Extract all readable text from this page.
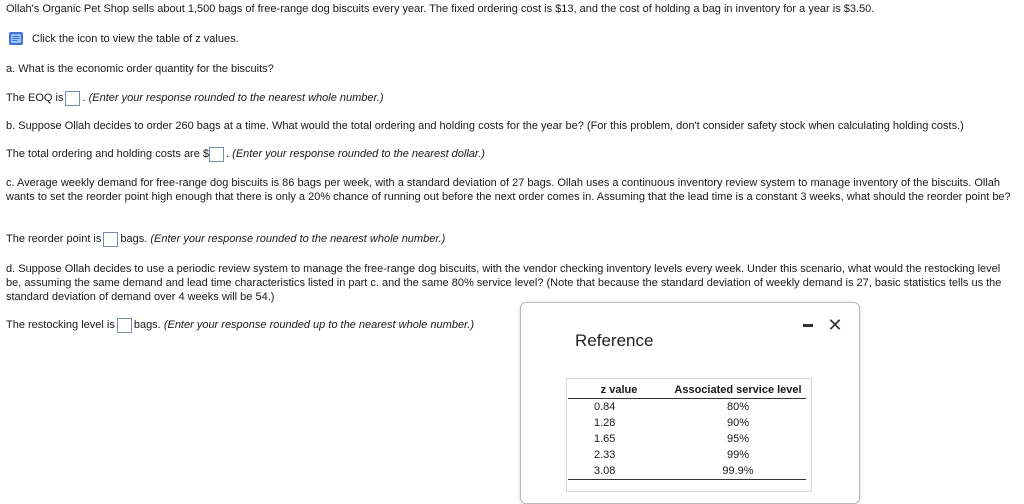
Ollah's Organic Pet Shop sells about 1,500 bags of free-range dog biscuits every year. The fixed ordering cost is $13, and the cost of holding a bag in inventory for a year is $3.50.
Click the icon to view the table of z values.
a. What is the economic order quantity for the biscuits?
The EOQ is . (Enter your response rounded to the nearest whole number.)
b. Suppose Ollah decides to order 260 bags at a time. What would the total ordering and holding costs for the year be? (For this problem, don't consider safety stock when calculating holding costs.)
The total ordering and holding costs are $ . (Enter your response rounded to the nearest dollar.)
c. Average weekly demand for free-range dog biscuits is 86 bags per week, with a standard deviation of 27 bags. Ollah uses a continuous inventory review system to manage inventory of the biscuits. Ollah wants to set the reorder point high enough that there is only a 20% chance of running out before the next order comes in. Assuming that the lead time is a constant 3 weeks, what should the reorder point be?
The reorder point is bags. (Enter your response rounded to the nearest whole number.)
d. Suppose Ollah decides to use a periodic review system to manage the free-range dog biscuits, with the vendor checking inventory levels every week. Under this scenario, what would the restocking level be, assuming the same demand and lead time characteristics listed in part c. and the same 80% service level? (Note that because the standard deviation of weekly demand is 27, basic statistics tells us the standard deviation of demand over 4 weeks will be 54.)
The restocking level is bags. (Enter your response rounded up to the nearest whole number.)
Reference
✕
z value	Associated service level
0.84	80%
1.28	90%
1.65	95%
2.33	99%
3.08	99.9%
